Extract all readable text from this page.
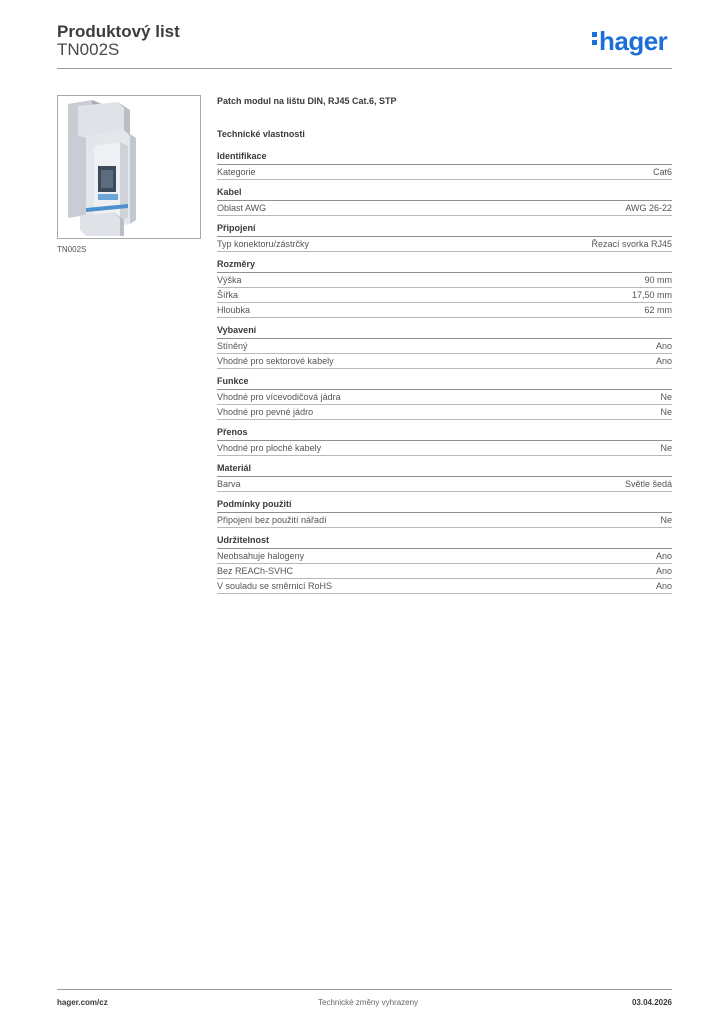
Produktový list
TN002S	hager
TN002S
Patch modul na lištu DIN, RJ45 Cat.6, STP
Technické vlastnosti
Identifikace
Kategorie	Cat6
Kabel
Oblast AWG	AWG 26-22
Připojení
Typ konektoru/zástrčky	Řezací svorka RJ45
Rozměry
Výška	90 mm
Šířka	17,50 mm
Hloubka	62 mm
Vybavení
Stíněný	Ano
Vhodné pro sektorové kabely	Ano
Funkce
Vhodné pro vícevodičová jádra	Ne
Vhodné pro pevné jádro	Ne
Přenos
Vhodné pro ploché kabely	Ne
Materiál
Barva	Světle šedá
Podmínky použití
Připojení bez použití nářadí	Ne
Udržitelnost
Neobsahuje halogeny	Ano
Bez REACh-SVHC	Ano
V souladu se směrnicí RoHS	Ano
hager.com/cz	Technické změny vyhrazeny	03.04.2026
